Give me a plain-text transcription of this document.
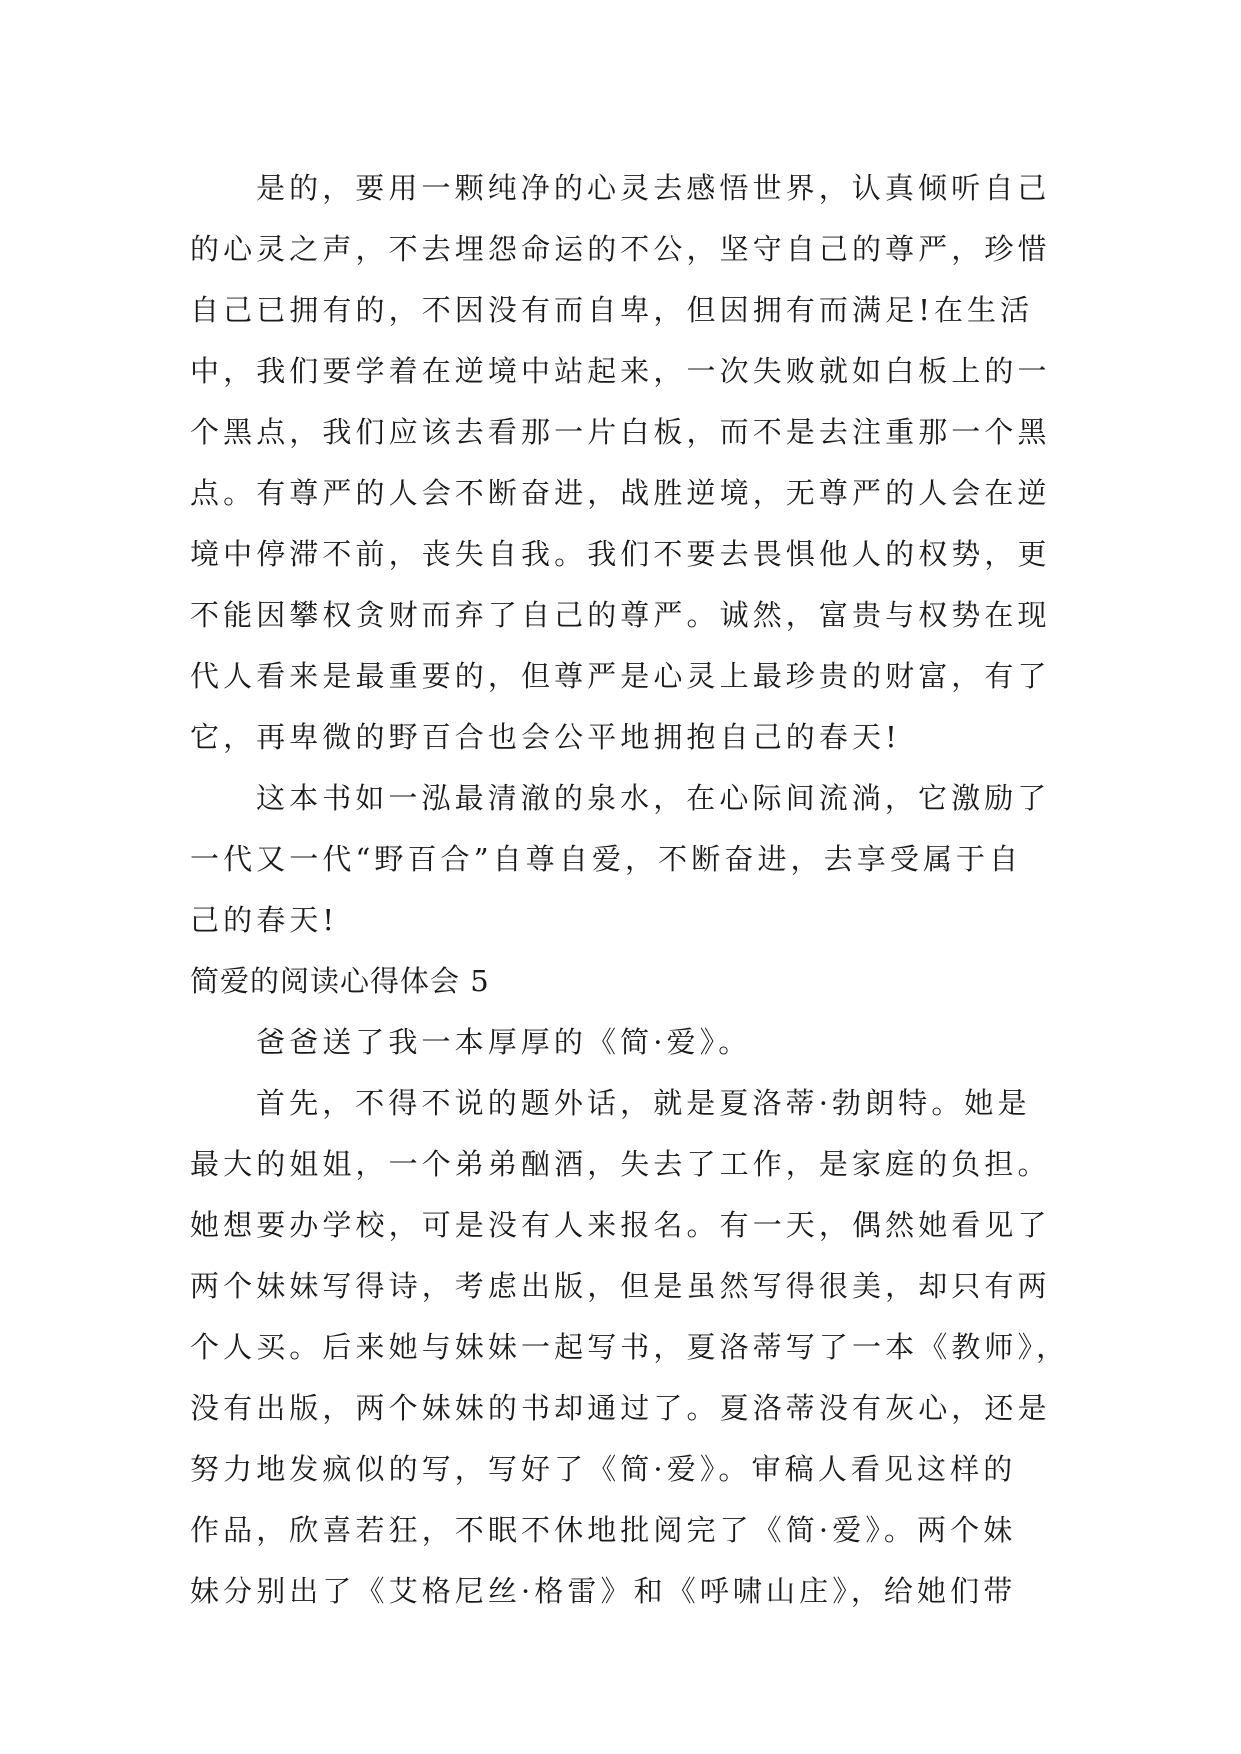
是的，要用一颗纯净的心灵去感悟世界，认真倾听自己
的心灵之声，不去埋怨命运的不公，坚守自己的尊严，珍惜
自己已拥有的，不因没有而自卑，但因拥有而满足!在生活
中，我们要学着在逆境中站起来，一次失败就如白板上的一
个黑点，我们应该去看那一片白板，而不是去注重那一个黑
点。有尊严的人会不断奋进，战胜逆境，无尊严的人会在逆
境中停滞不前，丧失自我。我们不要去畏惧他人的权势，更
不能因攀权贪财而弃了自己的尊严。诚然，富贵与权势在现
代人看来是最重要的，但尊严是心灵上最珍贵的财富，有了
它，再卑微的野百合也会公平地拥抱自己的春天!
这本书如一泓最清澈的泉水，在心际间流淌，它激励了
一代又一代“野百合”自尊自爱，不断奋进，去享受属于自
己的春天!
简爱的阅读心得体会 5
爸爸送了我一本厚厚的《简·爱》。
首先，不得不说的题外话，就是夏洛蒂·勃朗特。她是
最大的姐姐，一个弟弟酗酒，失去了工作，是家庭的负担。
她想要办学校，可是没有人来报名。有一天，偶然她看见了
两个妹妹写得诗，考虑出版，但是虽然写得很美，却只有两
个人买。后来她与妹妹一起写书，夏洛蒂写了一本《教师》，
没有出版，两个妹妹的书却通过了。夏洛蒂没有灰心，还是
努力地发疯似的写，写好了《简·爱》。审稿人看见这样的
作品，欣喜若狂，不眠不休地批阅完了《简·爱》。两个妹
妹分别出了《艾格尼丝·格雷》和《呼啸山庄》，给她们带
